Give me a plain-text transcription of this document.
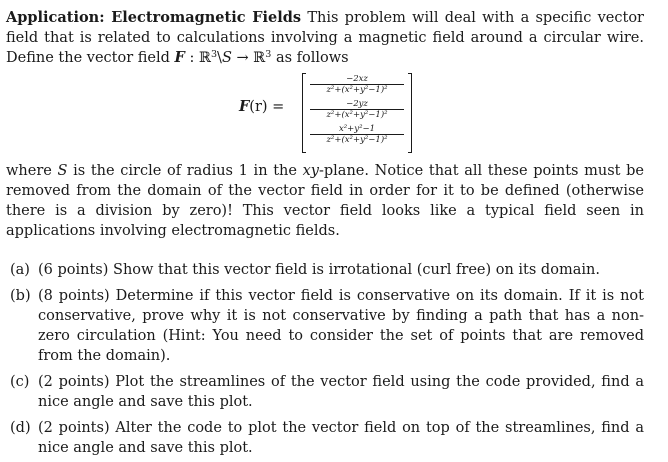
Application: Electromagnetic Fields This problem will deal with a specific vector field that is related to calculations involving a magnetic field around a circular wire. Define the vector field F : ℝ$^3$\S → ℝ$^3$ as follows

F(r) =
−2xz
z²+(x²+y²−1)²
−2yz
z²+(x²+y²−1)²
x²+y²−1
z²+(x²+y²−1)²

where S is the circle of radius 1 in the xy-plane. Notice that all these points must be removed from the domain of the vector field in order for it to be defined (otherwise there is a division by zero)! This vector field looks like a typical field seen in applications involving electromagnetic fields.

(a) (6 points) Show that this vector field is irrotational (curl free) on its domain.
(b) (8 points) Determine if this vector field is conservative on its domain. If it is not conservative, prove why it is not conservative by finding a path that has a non-zero circulation (Hint: You need to consider the set of points that are removed from the domain).
(c) (2 points) Plot the streamlines of the vector field using the code provided, find a nice angle and save this plot.
(d) (2 points) Alter the code to plot the vector field on top of the streamlines, find a nice angle and save this plot.
